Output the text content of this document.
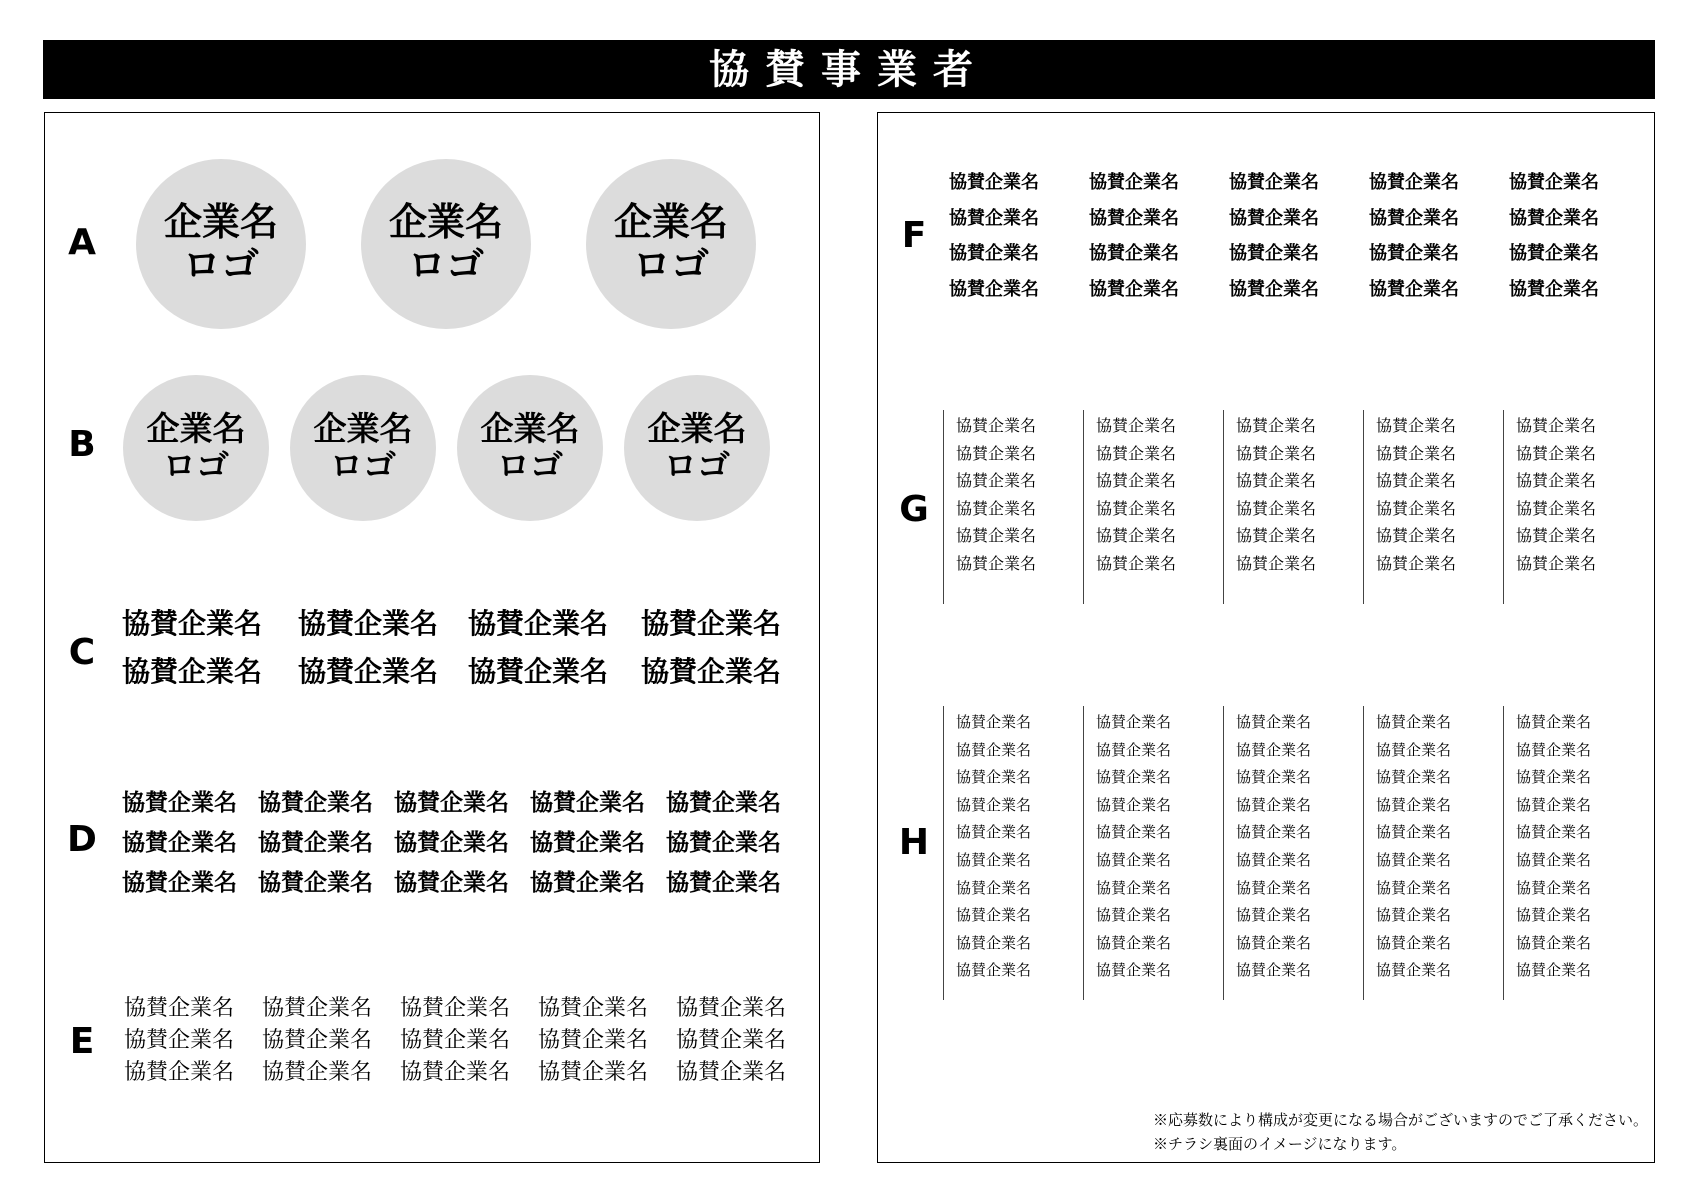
協賛事業者
A
B
C
D
E
F
G
H
企業名
ロゴ
企業名
ロゴ
企業名
ロゴ
企業名
ロゴ
企業名
ロゴ
企業名
ロゴ
企業名
ロゴ
協賛企業名
協賛企業名
協賛企業名
協賛企業名
協賛企業名
協賛企業名
協賛企業名
協賛企業名
協賛企業名
協賛企業名
協賛企業名
協賛企業名
協賛企業名
協賛企業名
協賛企業名
協賛企業名
協賛企業名
協賛企業名
協賛企業名
協賛企業名
協賛企業名
協賛企業名
協賛企業名
協賛企業名
協賛企業名
協賛企業名
協賛企業名
協賛企業名
協賛企業名
協賛企業名
協賛企業名
協賛企業名
協賛企業名
協賛企業名
協賛企業名
協賛企業名
協賛企業名
協賛企業名
協賛企業名
協賛企業名
協賛企業名
協賛企業名
協賛企業名
協賛企業名
協賛企業名
協賛企業名
協賛企業名
協賛企業名
協賛企業名
協賛企業名
協賛企業名
協賛企業名
協賛企業名
協賛企業名
協賛企業名
協賛企業名
協賛企業名
協賛企業名
協賛企業名
協賛企業名
協賛企業名
協賛企業名
協賛企業名
協賛企業名
協賛企業名
協賛企業名
協賛企業名
協賛企業名
協賛企業名
協賛企業名
協賛企業名
協賛企業名
協賛企業名
協賛企業名
協賛企業名
協賛企業名
協賛企業名
協賛企業名
協賛企業名
協賛企業名
協賛企業名
協賛企業名
協賛企業名
協賛企業名
協賛企業名
協賛企業名
協賛企業名
協賛企業名
協賛企業名
協賛企業名
協賛企業名
協賛企業名
協賛企業名
協賛企業名
協賛企業名
協賛企業名
協賛企業名
協賛企業名
協賛企業名
協賛企業名
協賛企業名
協賛企業名
協賛企業名
協賛企業名
協賛企業名
協賛企業名
協賛企業名
協賛企業名
協賛企業名
協賛企業名
協賛企業名
協賛企業名
協賛企業名
協賛企業名
協賛企業名
協賛企業名
協賛企業名
協賛企業名
協賛企業名
協賛企業名
協賛企業名
協賛企業名
協賛企業名
協賛企業名
協賛企業名
協賛企業名
協賛企業名
協賛企業名
協賛企業名
協賛企業名
協賛企業名
協賛企業名
協賛企業名
協賛企業名
協賛企業名
協賛企業名
協賛企業名
協賛企業名
※応募数により構成が変更になる場合がございますのでご了承ください。
※チラシ裏面のイメージになります。
